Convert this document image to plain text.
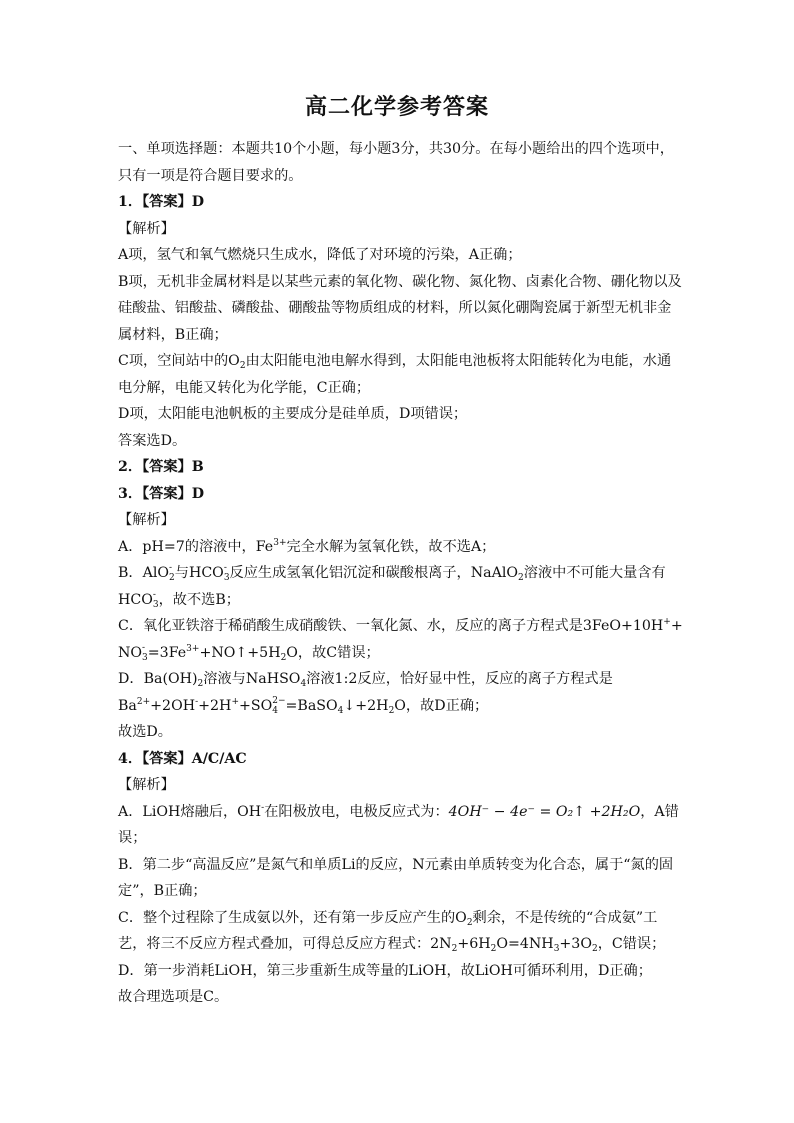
高二化学参考答案

一、单项选择题：本题共10个小题，每小题3分，共30分。在每小题给出的四个选项中，只有一项是符合题目要求的。

1．【答案】D

【解析】

A项，氢气和氧气燃烧只生成水，降低了对环境的污染，A正确；

B项，无机非金属材料是以某些元素的氧化物、碳化物、氮化物、卤素化合物、硼化物以及硅酸盐、铝酸盐、磷酸盐、硼酸盐等物质组成的材料，所以氮化硼陶瓷属于新型无机非金属材料，B正确；

C项，空间站中的$O_2$由太阳能电池电解水得到，太阳能电池板将太阳能转化为电能，水通电分解，电能又转化为化学能，C正确；

D项，太阳能电池帆板的主要成分是硅单质，D项错误；

答案选D。

2．【答案】B

3．【答案】D

【解析】

A．pH=7的溶液中，$Fe^{3+}$完全水解为氢氧化铁，故不选A；

B．AlO -
2 与HCO -
3 反应生成氢氧化铝沉淀和碳酸根离子，NaAlO$_2$溶液中不可能大量含有

HCO -
3 ，故不选B；

C．氧化亚铁溶于稀硝酸生成硝酸铁、一氧化氮、水，反应的离子方程式是3FeO+10H++

NO -
$3 =3Fe^{3+}+NO↑+5H_2O$，故C错误；

D．$Ba(OH)_2$溶液与NaHSO$_4$溶液1:2反应，恰好显中性，反应的离子方程式是

$Ba^{2+}+2OH^-+2H^++SO$ 2−
$4 =BaSO_4↓+2H_2O$，故D正确；

故选D。

4．【答案】A/C/AC

【解析】

A．LiOH熔融后，OH-在阳极放电，电极反应式为：4OH⁻ − 4e⁻ = O₂↑ +2H₂O，A错误；

B．第二步“高温反应”是氮气和单质Li的反应，N元素由单质转变为化合态，属于“氮的固定”，B正确；

C．整个过程除了生成氨以外，还有第一步反应产生的$O_2$剩余，不是传统的“合成氨”工艺，将三不反应方程式叠加，可得总反应方程式：$2N_2+6H_2O=4NH_3+3O_2$，C错误；

D．第一步消耗LiOH，第三步重新生成等量的LiOH，故LiOH可循环利用，D正确；

故合理选项是C。
